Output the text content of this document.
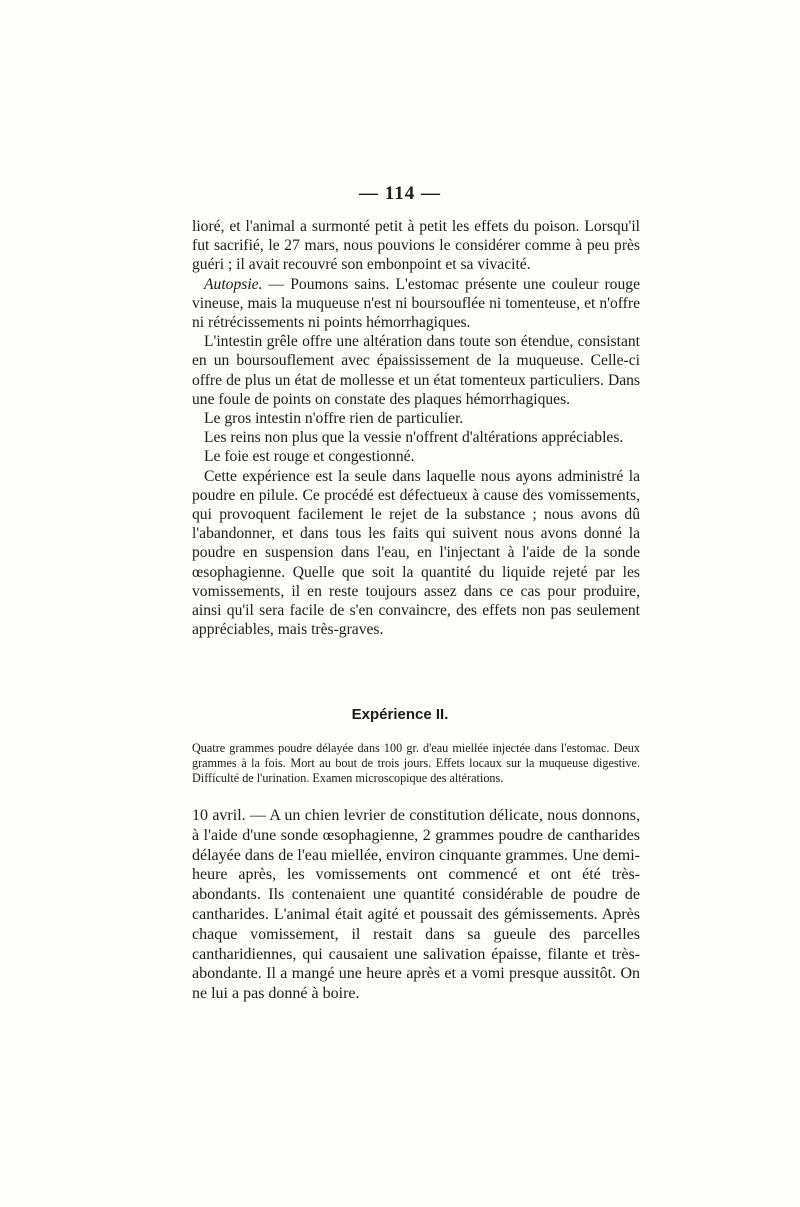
— 114 —

lioré, et l'animal a surmonté petit à petit les effets du poison. Lorsqu'il fut sacrifié, le 27 mars, nous pouvions le considérer comme à peu près guéri ; il avait recouvré son embonpoint et sa vivacité.

Autopsie. — Poumons sains. L'estomac présente une couleur rouge vineuse, mais la muqueuse n'est ni boursouflée ni tomenteuse, et n'offre ni rétrécissements ni points hémorrhagiques.

L'intestin grêle offre une altération dans toute son étendue, consistant en un boursouflement avec épaississement de la muqueuse. Celle-ci offre de plus un état de mollesse et un état tomenteux particuliers. Dans une foule de points on constate des plaques hémorrhagiques.

Le gros intestin n'offre rien de particulier.

Les reins non plus que la vessie n'offrent d'altérations appréciables.

Le foie est rouge et congestionné.

Cette expérience est la seule dans laquelle nous ayons administré la poudre en pilule. Ce procédé est défectueux à cause des vomissements, qui provoquent facilement le rejet de la substance ; nous avons dû l'abandonner, et dans tous les faits qui suivent nous avons donné la poudre en suspension dans l'eau, en l'injectant à l'aide de la sonde œsophagienne. Quelle que soit la quantité du liquide rejeté par les vomissements, il en reste toujours assez dans ce cas pour produire, ainsi qu'il sera facile de s'en convaincre, des effets non pas seulement appréciables, mais très-graves.

Expérience II.

Quatre grammes poudre délayée dans 100 gr. d'eau miellée injectée dans l'estomac. Deux grammes à la fois. Mort au bout de trois jours. Effets locaux sur la muqueuse digestive. Difficulté de l'urination. Examen microscopique des altérations.

10 avril. — A un chien levrier de constitution délicate, nous donnons, à l'aide d'une sonde œsophagienne, 2 grammes poudre de cantharides délayée dans de l'eau miellée, environ cinquante grammes. Une demi-heure après, les vomissements ont commencé et ont été très-abondants. Ils contenaient une quantité considérable de poudre de cantharides. L'animal était agité et poussait des gémissements. Après chaque vomissement, il restait dans sa gueule des parcelles cantharidiennes, qui causaient une salivation épaisse, filante et très-abondante. Il a mangé une heure après et a vomi presque aussitôt. On ne lui a pas donné à boire.
